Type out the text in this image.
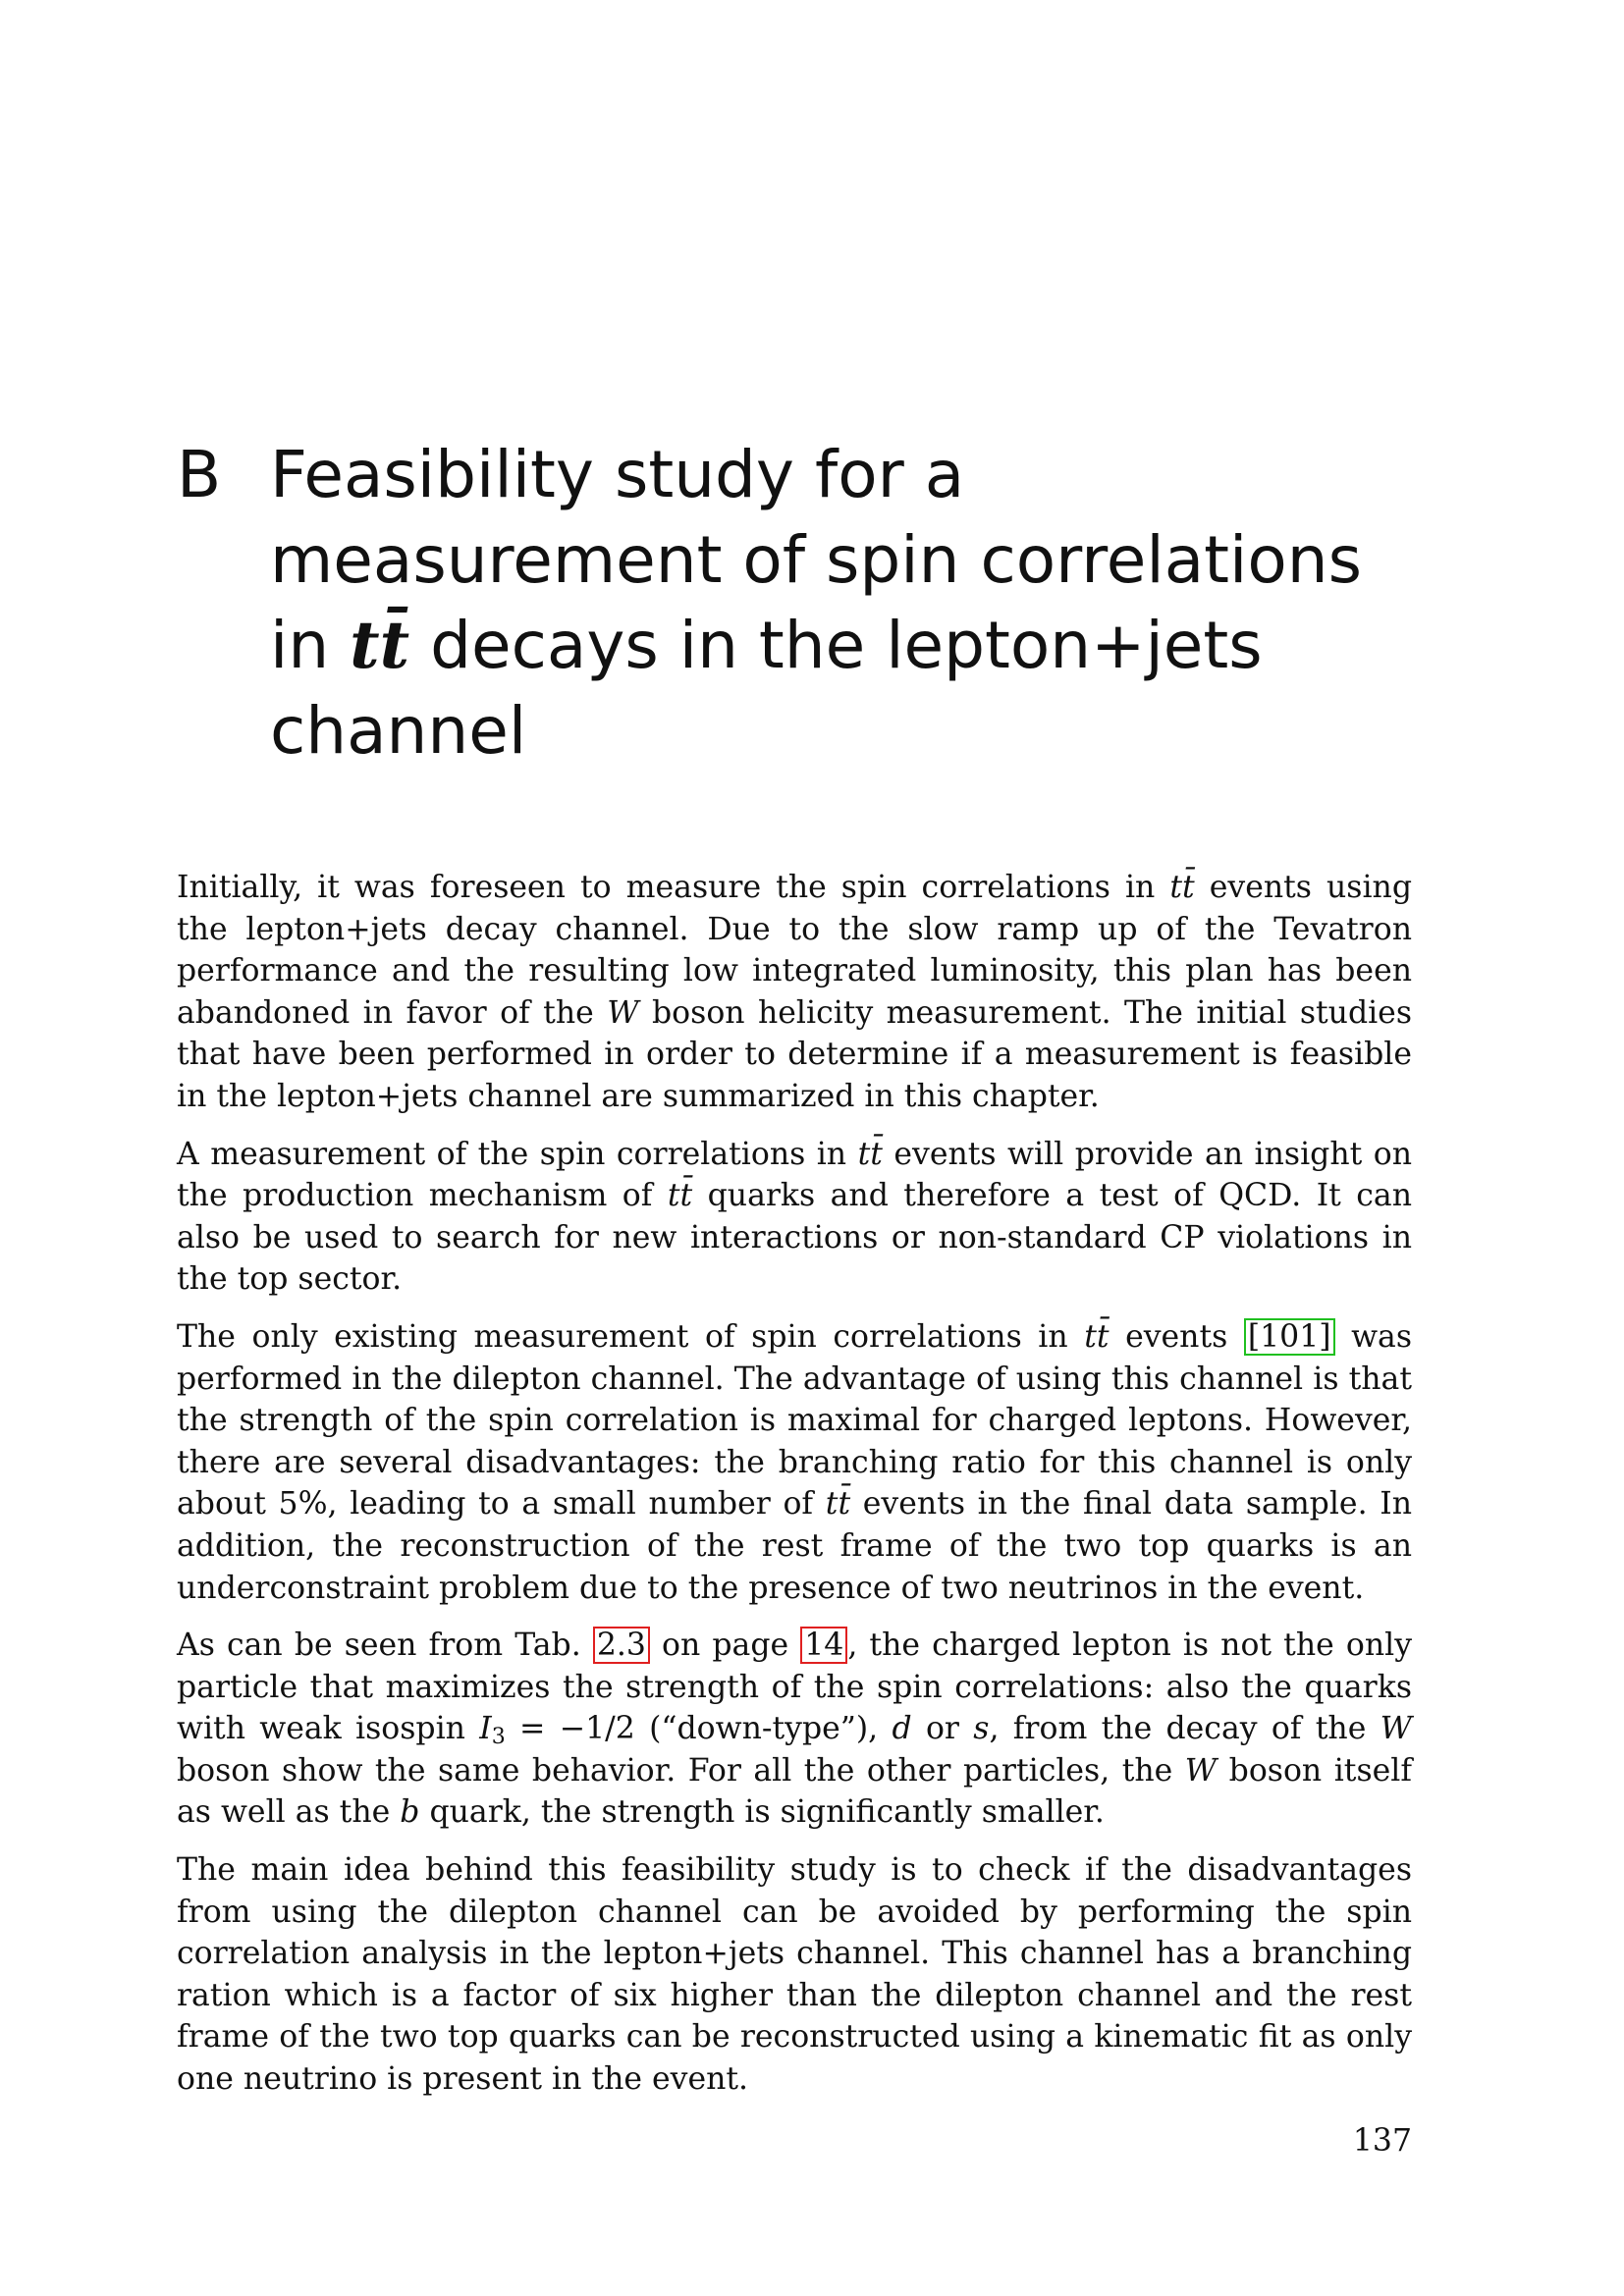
B Feasibility study for a
measurement of spin correlations
in tt̄ decays in the lepton+jets
channel

Initially, it was foreseen to measure the spin correlations in tt̄ events using the lepton+jets decay channel. Due to the slow ramp up of the Tevatron performance and the resulting low integrated luminosity, this plan has been abandoned in favor of the W boson helicity measurement. The initial studies that have been performed in order to determine if a measurement is feasible in the lepton+jets channel are summarized in this chapter.

A measurement of the spin correlations in tt̄ events will provide an insight on the production mechanism of tt̄ quarks and therefore a test of QCD. It can also be used to search for new interactions or non-standard CP violations in the top sector.

The only existing measurement of spin correlations in tt̄ events [101] was performed in the dilepton channel. The advantage of using this channel is that the strength of the spin correlation is maximal for charged leptons. However, there are several disadvantages: the branching ratio for this channel is only about 5%, leading to a small number of tt̄ events in the final data sample. In addition, the reconstruction of the rest frame of the two top quarks is an underconstraint problem due to the presence of two neutrinos in the event.

As can be seen from Tab. 2.3 on page 14 , the charged lepton is not the only particle that maximizes the strength of the spin correlations: also the quarks with weak isospin $I_3 = -1/2$ (“down-type”), d or s, from the decay of the W boson show the same behavior. For all the other particles, the W boson itself as well as the b quark, the strength is significantly smaller.

The main idea behind this feasibility study is to check if the disadvantages from using the dilepton channel can be avoided by performing the spin correlation analysis in the lepton+jets channel. This channel has a branching ration which is a factor of six higher than the dilepton channel and the rest frame of the two top quarks can be reconstructed using a kinematic fit as only one neutrino is present in the event.

137
